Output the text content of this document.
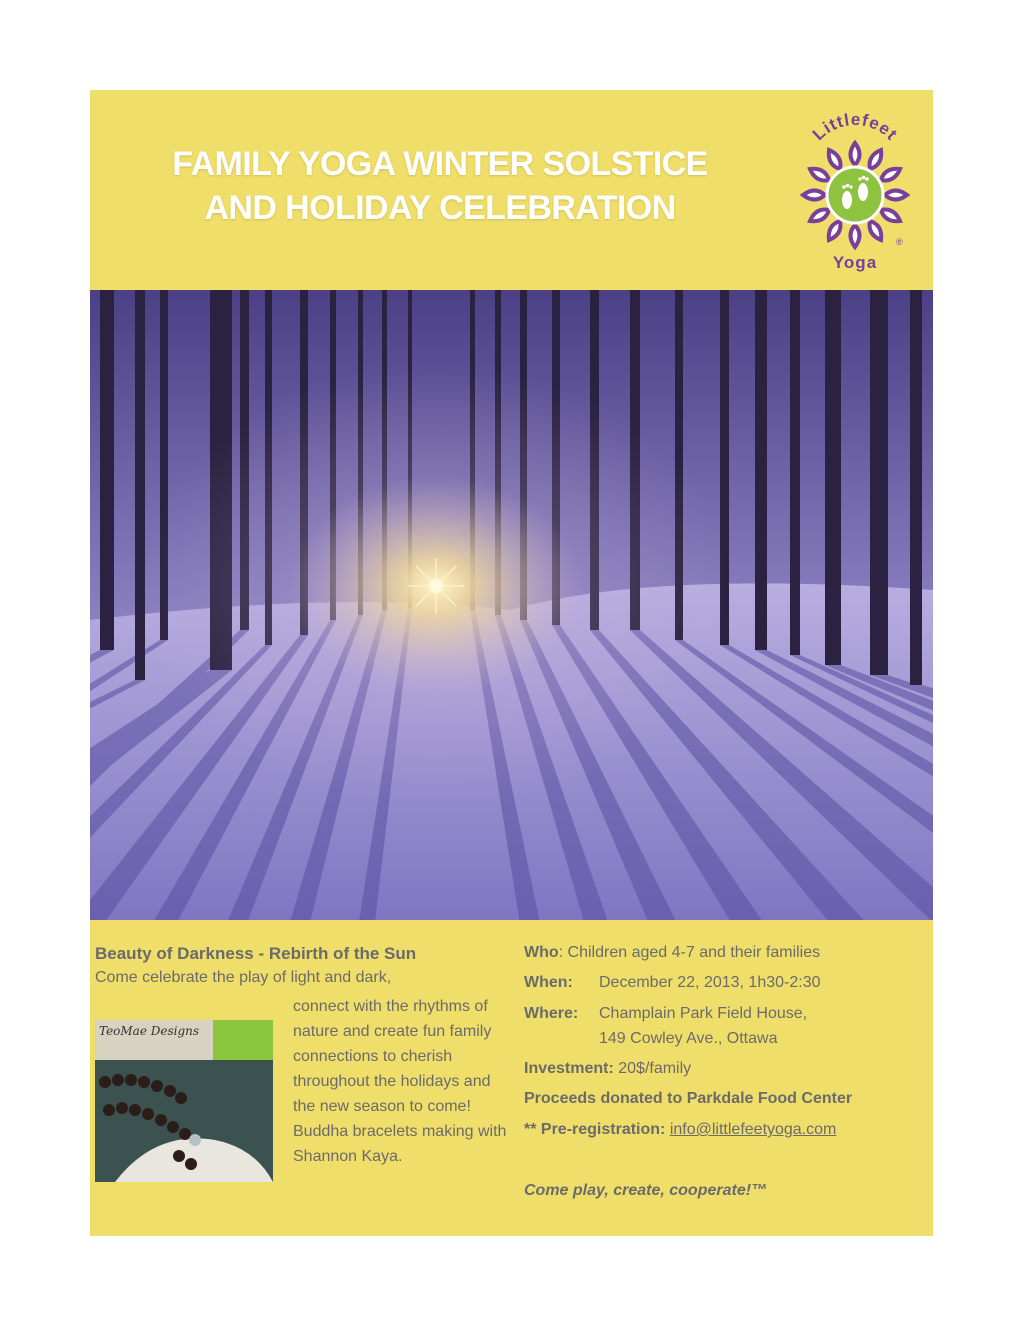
FAMILY YOGA WINTER SOLSTICE
AND HOLIDAY CELEBRATION
Littlefeet
Yoga
®

Beauty of Darkness - Rebirth of the Sun

Come celebrate the play of light and dark,

TeoMae Designs

connect with the rhythms of nature and create fun family connections to cherish throughout the holidays and the new season to come! Buddha bracelets making with Shannon Kaya.

Who: Children aged 4-7 and their families
When: December 22, 2013, 1h30-2:30
Where: Champlain Park Field House,
149 Cowley Ave., Ottawa
Investment: 20$/family
Proceeds donated to Parkdale Food Center
** Pre-registration: info@littlefeetyoga.com
Come play, create, cooperate!™
